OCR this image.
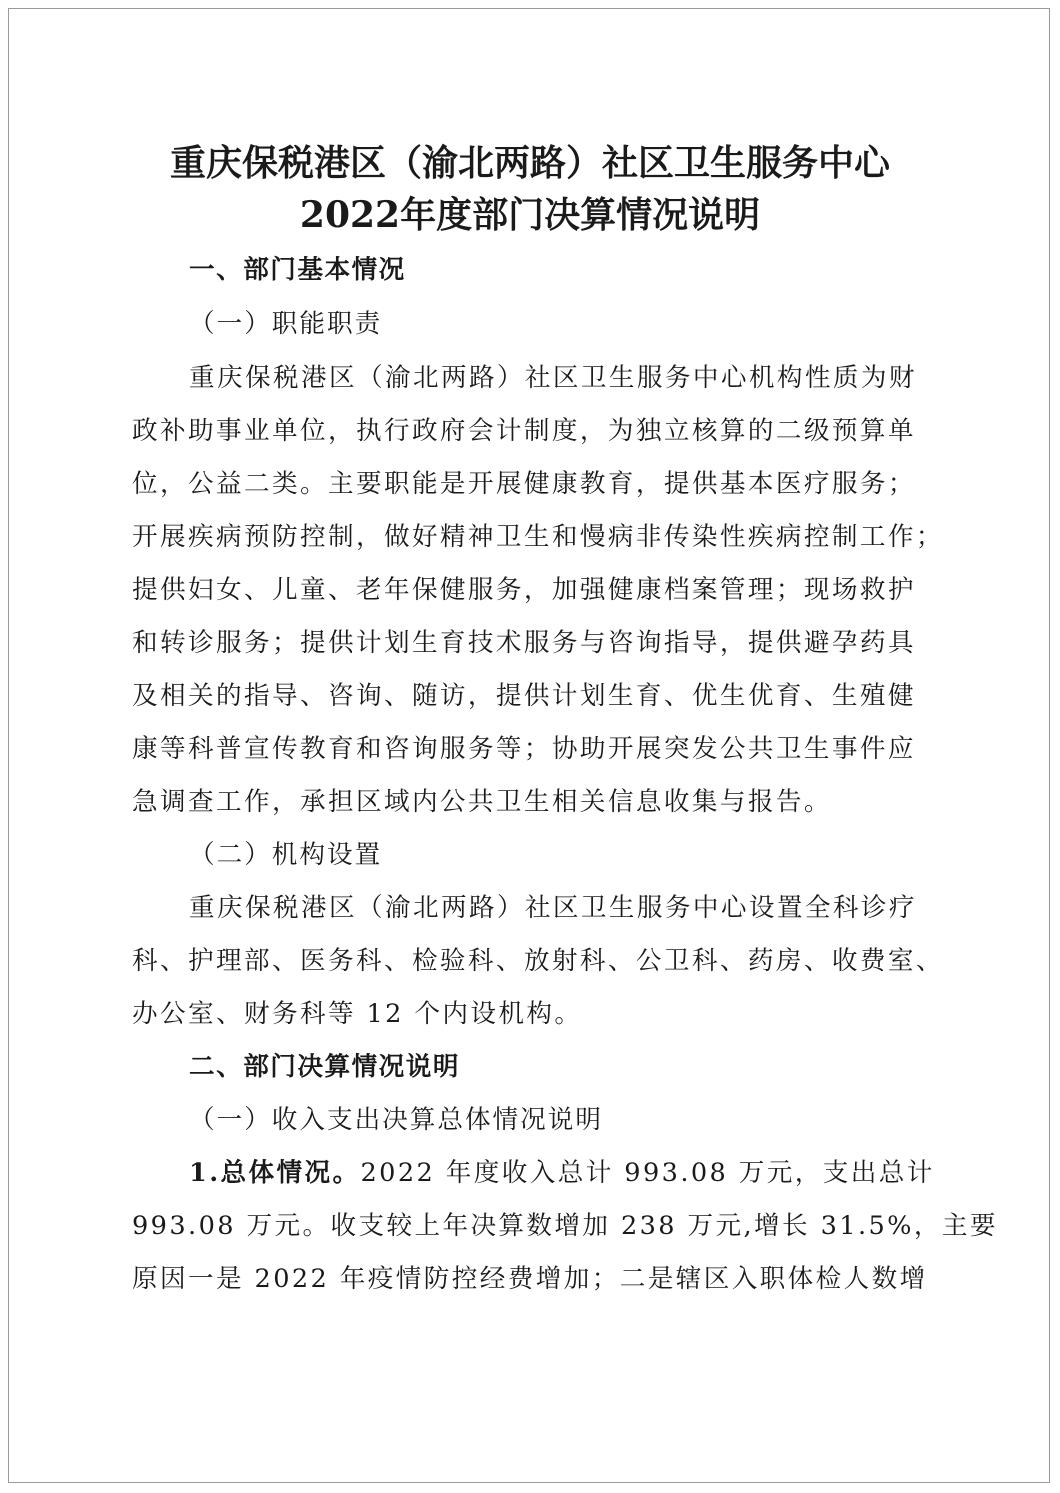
重庆保税港区（渝北两路）社区卫生服务中心
2022年度部门决算情况说明
一、部门基本情况
（一）职能职责
重庆保税港区（渝北两路）社区卫生服务中心机构性质为财
政补助事业单位，执行政府会计制度，为独立核算的二级预算单
位，公益二类。主要职能是开展健康教育，提供基本医疗服务；
开展疾病预防控制，做好精神卫生和慢病非传染性疾病控制工作；
提供妇女、儿童、老年保健服务，加强健康档案管理；现场救护
和转诊服务；提供计划生育技术服务与咨询指导，提供避孕药具
及相关的指导、咨询、随访，提供计划生育、优生优育、生殖健
康等科普宣传教育和咨询服务等；协助开展突发公共卫生事件应
急调查工作，承担区域内公共卫生相关信息收集与报告。
（二）机构设置
重庆保税港区（渝北两路）社区卫生服务中心设置全科诊疗
科、护理部、医务科、检验科、放射科、公卫科、药房、收费室、
办公室、财务科等 12 个内设机构。
二、部门决算情况说明
（一）收入支出决算总体情况说明
1.总体情况。2022 年度收入总计 993.08 万元，支出总计
993.08 万元。收支较上年决算数增加 238 万元,增长 31.5%，主要
原因一是 2022 年疫情防控经费增加；二是辖区入职体检人数增
